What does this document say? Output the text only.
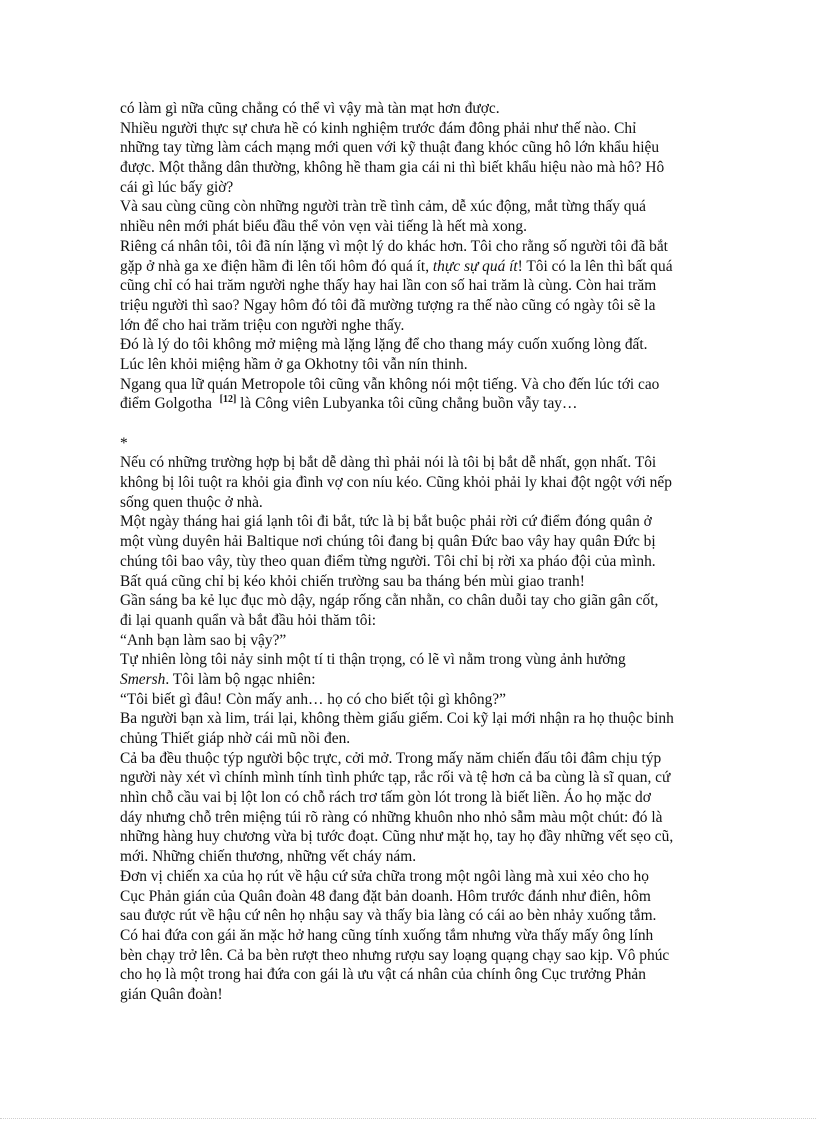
có làm gì nữa cũng chẳng có thể vì vậy mà tàn mạt hơn được.
Nhiều người thực sự chưa hề có kinh nghiệm trước đám đông phải như thế nào. Chỉ
những tay từng làm cách mạng mới quen với kỹ thuật đang khóc cũng hô lớn khẩu hiệu
được. Một thằng dân thường, không hề tham gia cái ni thì biết khẩu hiệu nào mà hô? Hô
cái gì lúc bấy giờ?
Và sau cùng cũng còn những người tràn trề tình cảm, dễ xúc động, mắt từng thấy quá
nhiều nên mới phát biểu đầu thể vỏn vẹn vài tiếng là hết mà xong.
Riêng cá nhân tôi, tôi đã nín lặng vì một lý do khác hơn. Tôi cho rằng số người tôi đã bắt
gặp ở nhà ga xe điện hầm đi lên tối hôm đó quá ít, thực sự quá ít! Tôi có la lên thì bất quá
cũng chỉ có hai trăm người nghe thấy hay hai lần con số hai trăm là cùng. Còn hai trăm
triệu người thì sao? Ngay hôm đó tôi đã mường tượng ra thế nào cũng có ngày tôi sẽ la
lớn để cho hai trăm triệu con người nghe thấy.
Đó là lý do tôi không mở miệng mà lặng lặng để cho thang máy cuốn xuống lòng đất.
Lúc lên khỏi miệng hầm ở ga Okhotny tôi vẫn nín thinh.
Ngang qua lữ quán Metropole tôi cũng vẫn không nói một tiếng. Và cho đến lúc tới cao
điểm Golgotha [12] là Công viên Lubyanka tôi cũng chẳng buồn vẫy tay…
*
Nếu có những trường hợp bị bắt dễ dàng thì phải nói là tôi bị bắt dễ nhất, gọn nhất. Tôi
không bị lôi tuột ra khỏi gia đình vợ con níu kéo. Cũng khỏi phải ly khai đột ngột với nếp
sống quen thuộc ở nhà.
Một ngày tháng hai giá lạnh tôi đi bắt, tức là bị bắt buộc phải rời cứ điểm đóng quân ở
một vùng duyên hải Baltique nơi chúng tôi đang bị quân Đức bao vây hay quân Đức bị
chúng tôi bao vây, tùy theo quan điểm từng người. Tôi chỉ bị rời xa pháo đội của mình.
Bất quá cũng chỉ bị kéo khỏi chiến trường sau ba tháng bén mùi giao tranh!
Gần sáng ba kẻ lục đục mò dậy, ngáp rống cằn nhằn, co chân duỗi tay cho giãn gân cốt,
đi lại quanh quẩn và bắt đầu hỏi thăm tôi:
“Anh bạn làm sao bị vậy?”
Tự nhiên lòng tôi nảy sinh một tí ti thận trọng, có lẽ vì nằm trong vùng ảnh hưởng
Smersh. Tôi làm bộ ngạc nhiên:
“Tôi biết gì đâu! Còn mấy anh… họ có cho biết tội gì không?”
Ba người bạn xà lim, trái lại, không thèm giấu giếm. Coi kỹ lại mới nhận ra họ thuộc binh
chủng Thiết giáp nhờ cái mũ nồi đen.
Cả ba đều thuộc týp người bộc trực, cởi mở. Trong mấy năm chiến đấu tôi đâm chịu týp
người này xét vì chính mình tính tình phức tạp, rắc rối và tệ hơn cả ba cùng là sĩ quan, cứ
nhìn chỗ cầu vai bị lột lon có chỗ rách trơ tấm gòn lót trong là biết liền. Áo họ mặc dơ
dáy nhưng chỗ trên miệng túi rõ ràng có những khuôn nho nhỏ sẫm màu một chút: đó là
những hàng huy chương vừa bị tước đoạt. Cũng như mặt họ, tay họ đầy những vết sẹo cũ,
mới. Những chiến thương, những vết cháy nám.
Đơn vị chiến xa của họ rút về hậu cứ sửa chữa trong một ngôi làng mà xui xẻo cho họ
Cục Phản gián của Quân đoàn 48 đang đặt bản doanh. Hôm trước đánh như điên, hôm
sau được rút về hậu cứ nên họ nhậu say và thấy bia làng có cái ao bèn nhảy xuống tắm.
Có hai đứa con gái ăn mặc hở hang cũng tính xuống tắm nhưng vừa thấy mấy ông lính
bèn chạy trở lên. Cả ba bèn rượt theo nhưng rượu say loạng quạng chạy sao kịp. Vô phúc
cho họ là một trong hai đứa con gái là ưu vật cá nhân của chính ông Cục trưởng Phản
gián Quân đoàn!
